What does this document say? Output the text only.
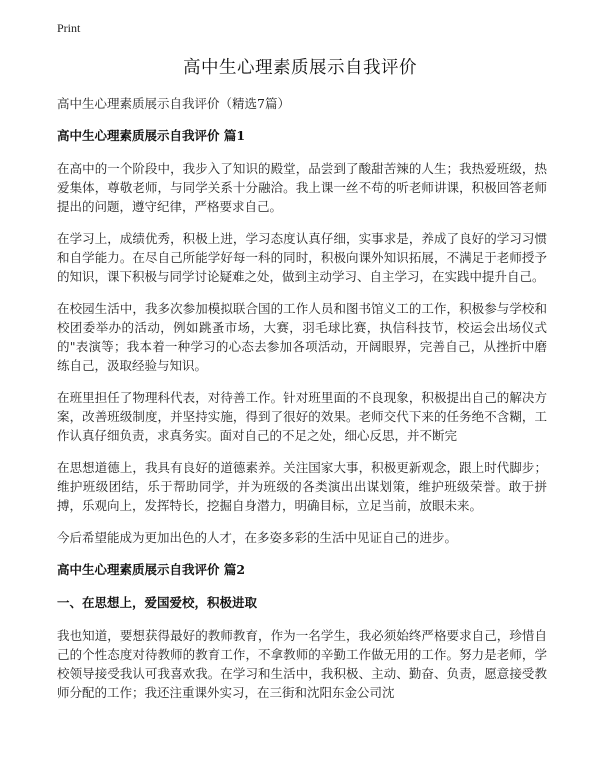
Print
高中生心理素质展示自我评价
高中生心理素质展示自我评价（精选7篇）
高中生心理素质展示自我评价 篇1

在高中的一个阶段中，我步入了知识的殿堂，品尝到了酸甜苦辣的人生；我热爱班级，热爱集体，尊敬老师，与同学关系十分融洽。我上课一丝不苟的听老师讲课，积极回答老师提出的问题，遵守纪律，严格要求自己。

在学习上，成绩优秀，积极上进，学习态度认真仔细，实事求是，养成了良好的学习习惯和自学能力。在尽自己所能学好每一科的同时，积极向课外知识拓展，不满足于老师授予的知识，课下积极与同学讨论疑难之处，做到主动学习、自主学习，在实践中提升自己。

在校园生活中，我多次参加模拟联合国的工作人员和图书馆义工的工作，积极参与学校和校团委举办的活动，例如跳蚤市场，大赛，羽毛球比赛，执信科技节，校运会出场仪式的"表演等；我本着一种学习的心态去参加各项活动，开阔眼界，完善自己，从挫折中磨练自己，汲取经验与知识。

在班里担任了物理科代表，对待善工作。针对班里面的不良现象，积极提出自己的解决方案，改善班级制度，并坚持实施，得到了很好的效果。老师交代下来的任务绝不含糊，工作认真仔细负责，求真务实。面对自己的不足之处，细心反思，并不断完

在思想道德上，我具有良好的道德素养。关注国家大事，积极更新观念，跟上时代脚步；维护班级团结，乐于帮助同学，并为班级的各类演出出谋划策，维护班级荣誉。敢于拼搏，乐观向上，发挥特长，挖掘自身潜力，明确目标，立足当前，放眼未来。

今后希望能成为更加出色的人才，在多姿多彩的生活中见证自己的进步。

高中生心理素质展示自我评价 篇2
一、在思想上，爱国爱校，积极进取

我也知道，要想获得最好的教师教育，作为一名学生，我必须始终严格要求自己，珍惜自己的个性态度对待教师的教育工作，不拿教师的辛勤工作做无用的工作。努力是老师，学校领导接受我认可我喜欢我。在学习和生活中，我积极、主动、勤奋、负责，愿意接受教师分配的工作；我还注重课外实习，在三街和沈阳东金公司沈
